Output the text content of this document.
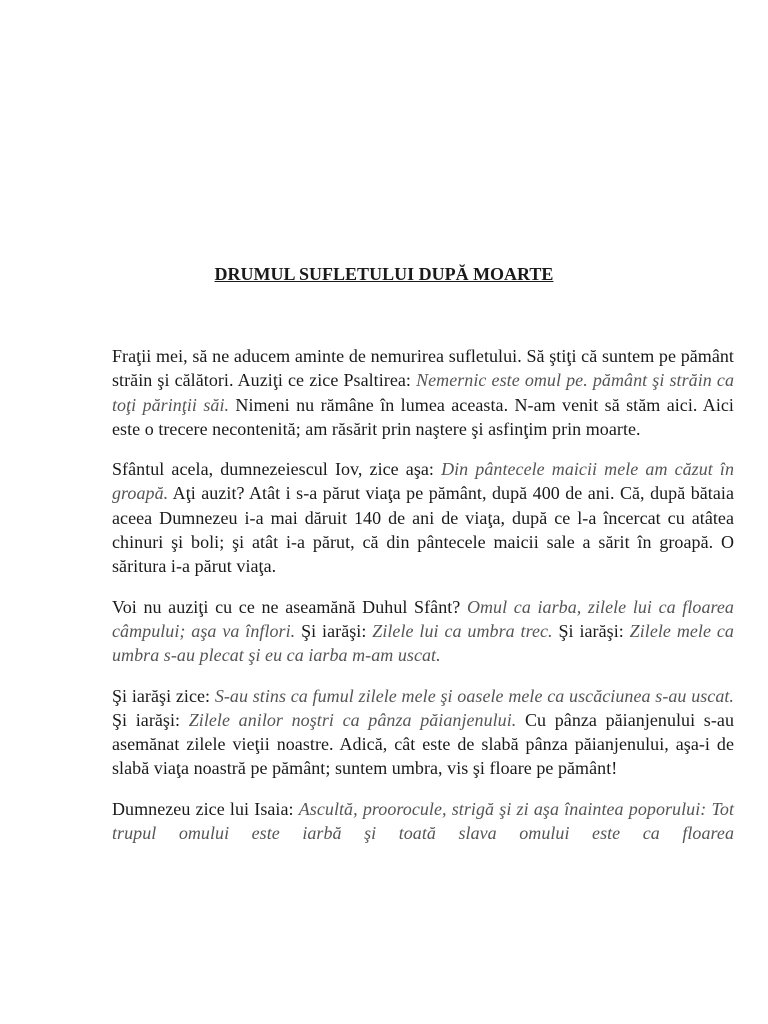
DRUMUL SUFLETULUI DUPĂ MOARTE

Fraţii mei, să ne aducem aminte de nemurirea sufletului. Să ştiţi că suntem pe pământ străin şi călători. Auziţi ce zice Psaltirea: Nemernic este omul pe. pământ şi străin ca toţi părinţii săi. Nimeni nu rămâne în lumea aceasta. N-am venit să stăm aici. Aici este o trecere necontenită; am răsărit prin naştere şi asfinţim prin moarte.

Sfântul acela, dumnezeiescul Iov, zice aşa: Din pântecele maicii mele am căzut în groapă. Aţi auzit? Atât i s-a părut viaţa pe pământ, după 400 de ani. Că, după bătaia aceea Dumnezeu i-a mai dăruit 140 de ani de viaţa, după ce l-a încercat cu atâtea chinuri şi boli; şi atât i-a părut, că din pântecele maicii sale a sărit în groapă. O săritura i-a părut viaţa.

Voi nu auziţi cu ce ne aseamănă Duhul Sfânt? Omul ca iarba, zilele lui ca floarea câmpului; aşa va înflori. Şi iarăşi: Zilele lui ca umbra trec. Şi iarăşi: Zilele mele ca umbra s-au plecat şi eu ca iarba m-am uscat.

Şi iarăşi zice: S-au stins ca fumul zilele mele şi oasele mele ca uscăciunea s-au uscat. Şi iarăşi: Zilele anilor noştri ca pânza păianjenului. Cu pânza păianjenului s-au asemănat zilele vieţii noastre. Adică, cât este de slabă pânza păianjenului, aşa-i de slabă viaţa noastră pe pământ; suntem umbra, vis şi floare pe pământ!

Dumnezeu zice lui Isaia: Ascultă, proorocule, strigă şi zi aşa înaintea poporului: Tot trupul omului este iarbă şi toată slava omului este ca floarea
